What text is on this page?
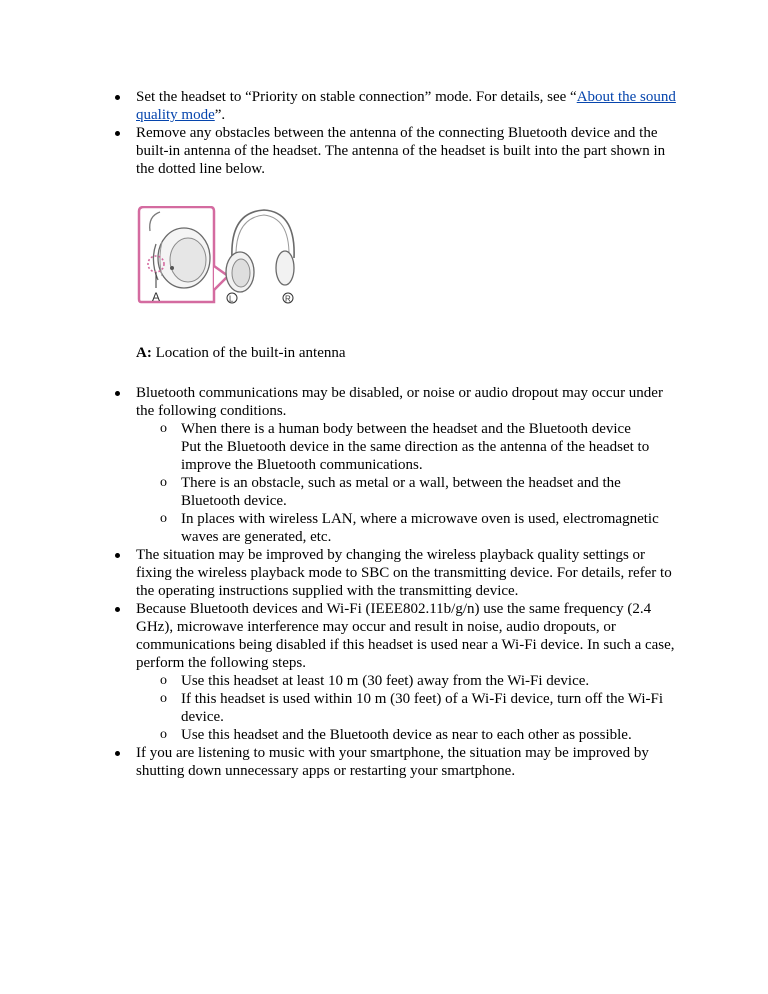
Set the headset to “Priority on stable connection” mode. For details, see “About the sound quality mode”.
Remove any obstacles between the antenna of the connecting Bluetooth device and the built-in antenna of the headset. The antenna of the headset is built into the part shown in the dotted line below.
A	L	R
A: Location of the built-in antenna
Bluetooth communications may be disabled, or noise or audio dropout may occur under the following conditions.
o When there is a human body between the headset and the Bluetooth device
Put the Bluetooth device in the same direction as the antenna of the headset to improve the Bluetooth communications.
o There is an obstacle, such as metal or a wall, between the headset and the Bluetooth device.
o In places with wireless LAN, where a microwave oven is used, electromagnetic waves are generated, etc.
The situation may be improved by changing the wireless playback quality settings or fixing the wireless playback mode to SBC on the transmitting device. For details, refer to the operating instructions supplied with the transmitting device.
Because Bluetooth devices and Wi-Fi (IEEE802.11b/g/n) use the same frequency (2.4 GHz), microwave interference may occur and result in noise, audio dropouts, or communications being disabled if this headset is used near a Wi-Fi device. In such a case, perform the following steps.
o Use this headset at least 10 m (30 feet) away from the Wi-Fi device.
o If this headset is used within 10 m (30 feet) of a Wi-Fi device, turn off the Wi-Fi device.
o Use this headset and the Bluetooth device as near to each other as possible.
If you are listening to music with your smartphone, the situation may be improved by shutting down unnecessary apps or restarting your smartphone.
